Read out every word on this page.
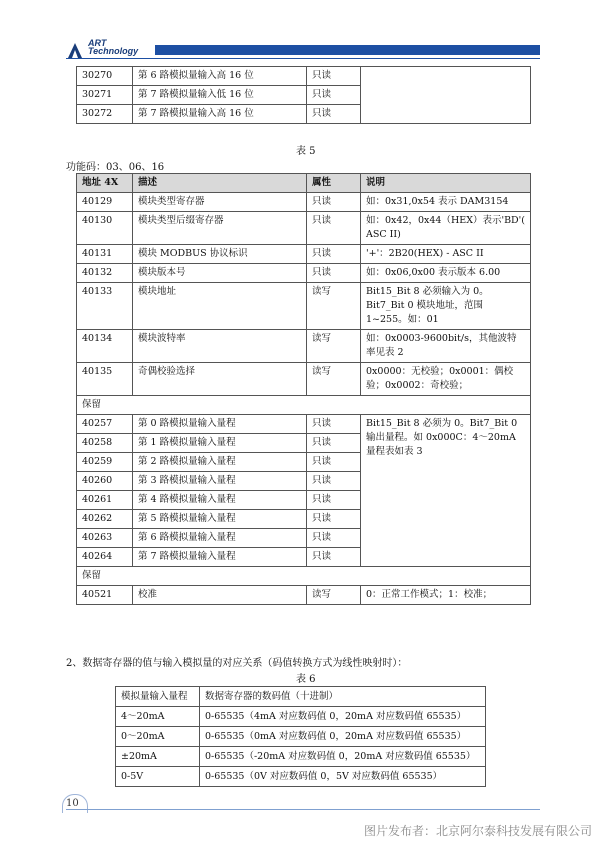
ART
Technology
30270	第 6 路模拟量输入高 16 位	只读	
30271	第 7 路模拟量输入低 16 位	只读	
30272	第 7 路模拟量输入高 16 位	只读	
表 5
功能码：03、06、16
地址 4X	描述	属性	说明
40129	模块类型寄存器	只读	如：0x31,0x54 表示 DAM3154
40130	模块类型后缀寄存器	只读	如：0x42，0x44（HEX）表示'BD'( ASC II)
40131	模块 MODBUS 协议标识	只读	'+'：2B20(HEX) - ASC II
40132	模块版本号	只读	如：0x06,0x00 表示版本 6.00
40133	模块地址	读写	Bit15_Bit 8 必须输入为 0。Bit7_Bit 0 模块地址，范围 1~255。如：01
40134	模块波特率	读写	如：0x0003-9600bit/s，其他波特率见表 2
40135	奇偶校验选择	读写	0x0000：无校验；0x0001：偶校验；0x0002：奇校验；
保留			
40257	第 0 路模拟量输入量程	只读	Bit15_Bit 8 必须为 0。Bit7_Bit 0 输出量程。如 0x000C：4～20mA量程表如表 3
40258	第 1 路模拟量输入量程	只读	
40259	第 2 路模拟量输入量程	只读	
40260	第 3 路模拟量输入量程	只读	
40261	第 4 路模拟量输入量程	只读	
40262	第 5 路模拟量输入量程	只读	
40263	第 6 路模拟量输入量程	只读	
40264	第 7 路模拟量输入量程	只读	
保留			
40521	校准	读写	0：正常工作模式；1：校准；
2、数据寄存器的值与输入模拟量的对应关系（码值转换方式为线性映射时）：
表 6
模拟量输入量程	数据寄存器的数码值（十进制）
4～20mA	0-65535（4mA 对应数码值 0，20mA 对应数码值 65535）
0～20mA	0-65535（0mA 对应数码值 0，20mA 对应数码值 65535）
±20mA	0-65535（-20mA 对应数码值 0，20mA 对应数码值 65535）
0-5V	0-65535（0V 对应数码值 0，5V 对应数码值 65535）
10
图片发布者：北京阿尔泰科技发展有限公司
